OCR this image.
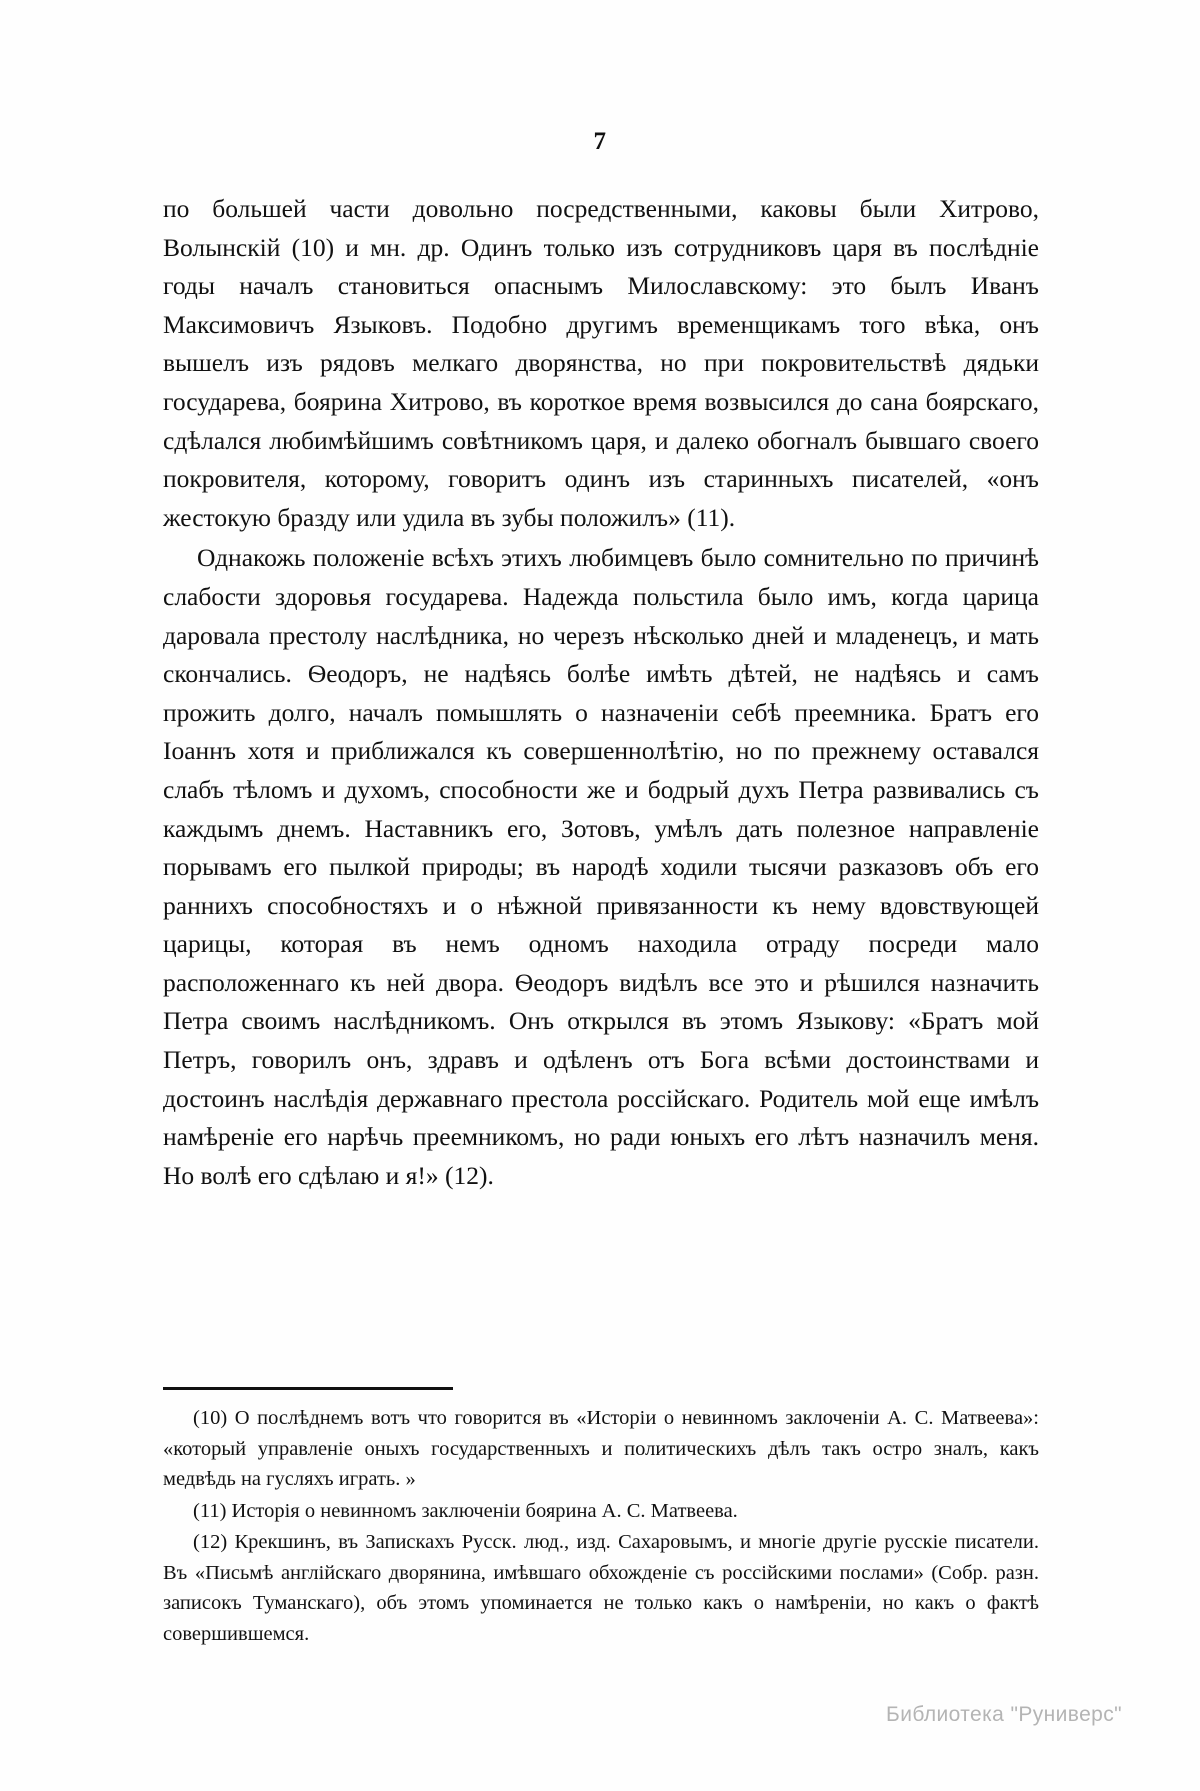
7

по большей части довольно посредственными, каковы были Хитрово, Волынскій (10) и мн. др. Одинъ только изъ сотрудниковъ царя въ послѣдніе годы началъ становиться опаснымъ Милославскому: это былъ Иванъ Максимовичъ Языковъ. Подобно другимъ временщикамъ того вѣка, онъ вышелъ изъ рядовъ мелкаго дворянства, но при покровительствѣ дядьки государева, боярина Хитрово, въ короткое время возвысился до сана боярскаго, сдѣлался любимѣйшимъ совѣтникомъ царя, и далеко обогналъ бывшаго своего покровителя, которому, говоритъ одинъ изъ старинныхъ писателей, «онъ жестокую бразду или удила въ зубы положилъ» (11).

Однакожь положеніе всѣхъ этихъ любимцевъ было сомнительно по причинѣ слабости здоровья государева. Надежда польстила было имъ, когда царица даровала престолу наслѣдника, но черезъ нѣсколько дней и младенецъ, и мать скончались. Ѳеодоръ, не надѣясь болѣе имѣть дѣтей, не надѣясь и самъ прожить долго, началъ помышлять о назначеніи себѣ преемника. Братъ его Іоаннъ хотя и приближался къ совершеннолѣтію, но по прежнему оставался слабъ тѣломъ и духомъ, способности же и бодрый духъ Петра развивались съ каждымъ днемъ. Наставникъ его, Зотовъ, умѣлъ дать полезное направленіе порывамъ его пылкой природы; въ народѣ ходили тысячи разказовъ объ его раннихъ способностяхъ и о нѣжной привязанности къ нему вдовствующей царицы, которая въ немъ одномъ находила отраду посреди мало расположеннаго къ ней двора. Ѳеодоръ видѣлъ все это и рѣшился назначить Петра своимъ наслѣдникомъ. Онъ открылся въ этомъ Языкову: «Братъ мой Петръ, говорилъ онъ, здравъ и одѣленъ отъ Бога всѣми достоинствами и достоинъ наслѣдія державнаго престола россійскаго. Родитель мой еще имѣлъ намѣреніе его нарѣчь преемникомъ, но ради юныхъ его лѣтъ назначилъ меня. Но волѣ его сдѣлаю и я!» (12).

(10) О послѣднемъ вотъ что говорится въ «Исторіи о невинномъ заклоченіи А. С. Матвеева»: «который управленіе оныхъ государственныхъ и политическихъ дѣлъ такъ остро зналъ, какъ медвѣдь на гусляхъ играть. »

(11) Исторія о невинномъ заключеніи боярина А. С. Матвеева.

(12) Крекшинъ, въ Запискахъ Русск. люд., изд. Сахаровымъ, и многіе другіе русскіе писатели. Въ «Письмѣ англійскаго дворянина, имѣвшаго обхожденіе съ россійскими послами» (Собр. разн. записокъ Туманскаго), объ этомъ упоминается не только какъ о намѣреніи, но какъ о фактѣ совершившемся.

Библиотека "Руниверс"
